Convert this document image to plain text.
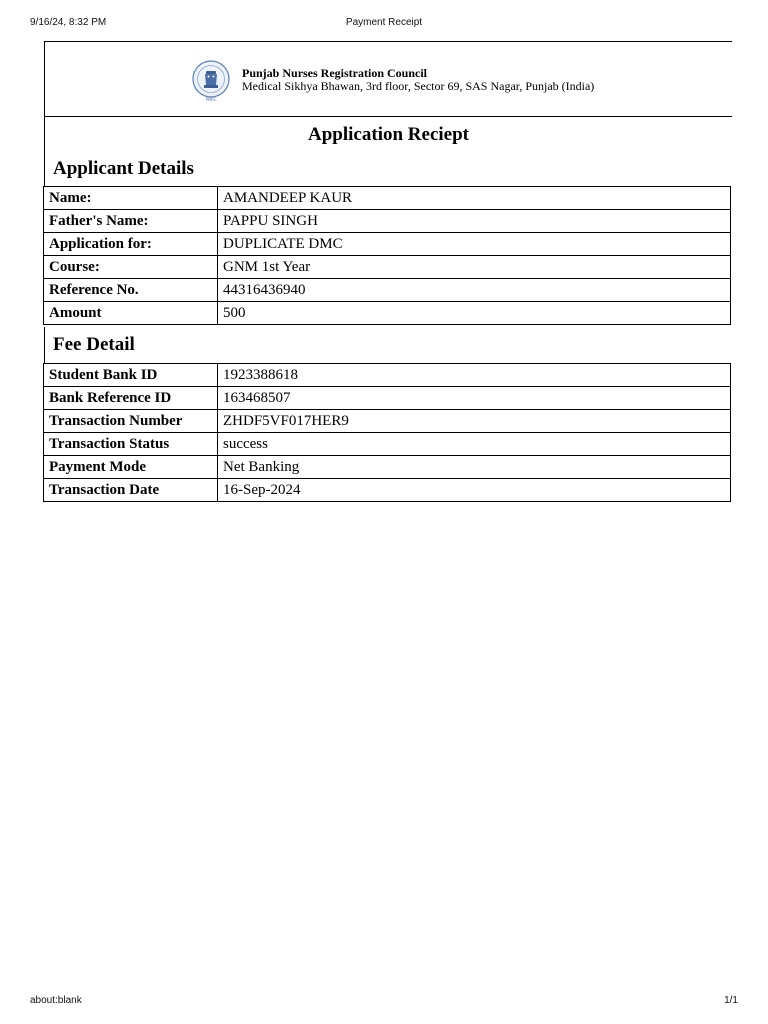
9/16/24, 8:32 PM	Payment Receipt
PNRC
Punjab Nurses Registration Council
Medical Sikhya Bhawan, 3rd floor, Sector 69, SAS Nagar, Punjab (India)
Application Reciept
Applicant Details
Name:	AMANDEEP KAUR
Father's Name:	PAPPU SINGH
Application for:	DUPLICATE DMC
Course:	GNM 1st Year
Reference No.	44316436940
Amount	500
Fee Detail
Student Bank ID	1923388618
Bank Reference ID	163468507
Transaction Number	ZHDF5VF017HER9
Transaction Status	success
Payment Mode	Net Banking
Transaction Date	16-Sep-2024
about:blank	1/1
